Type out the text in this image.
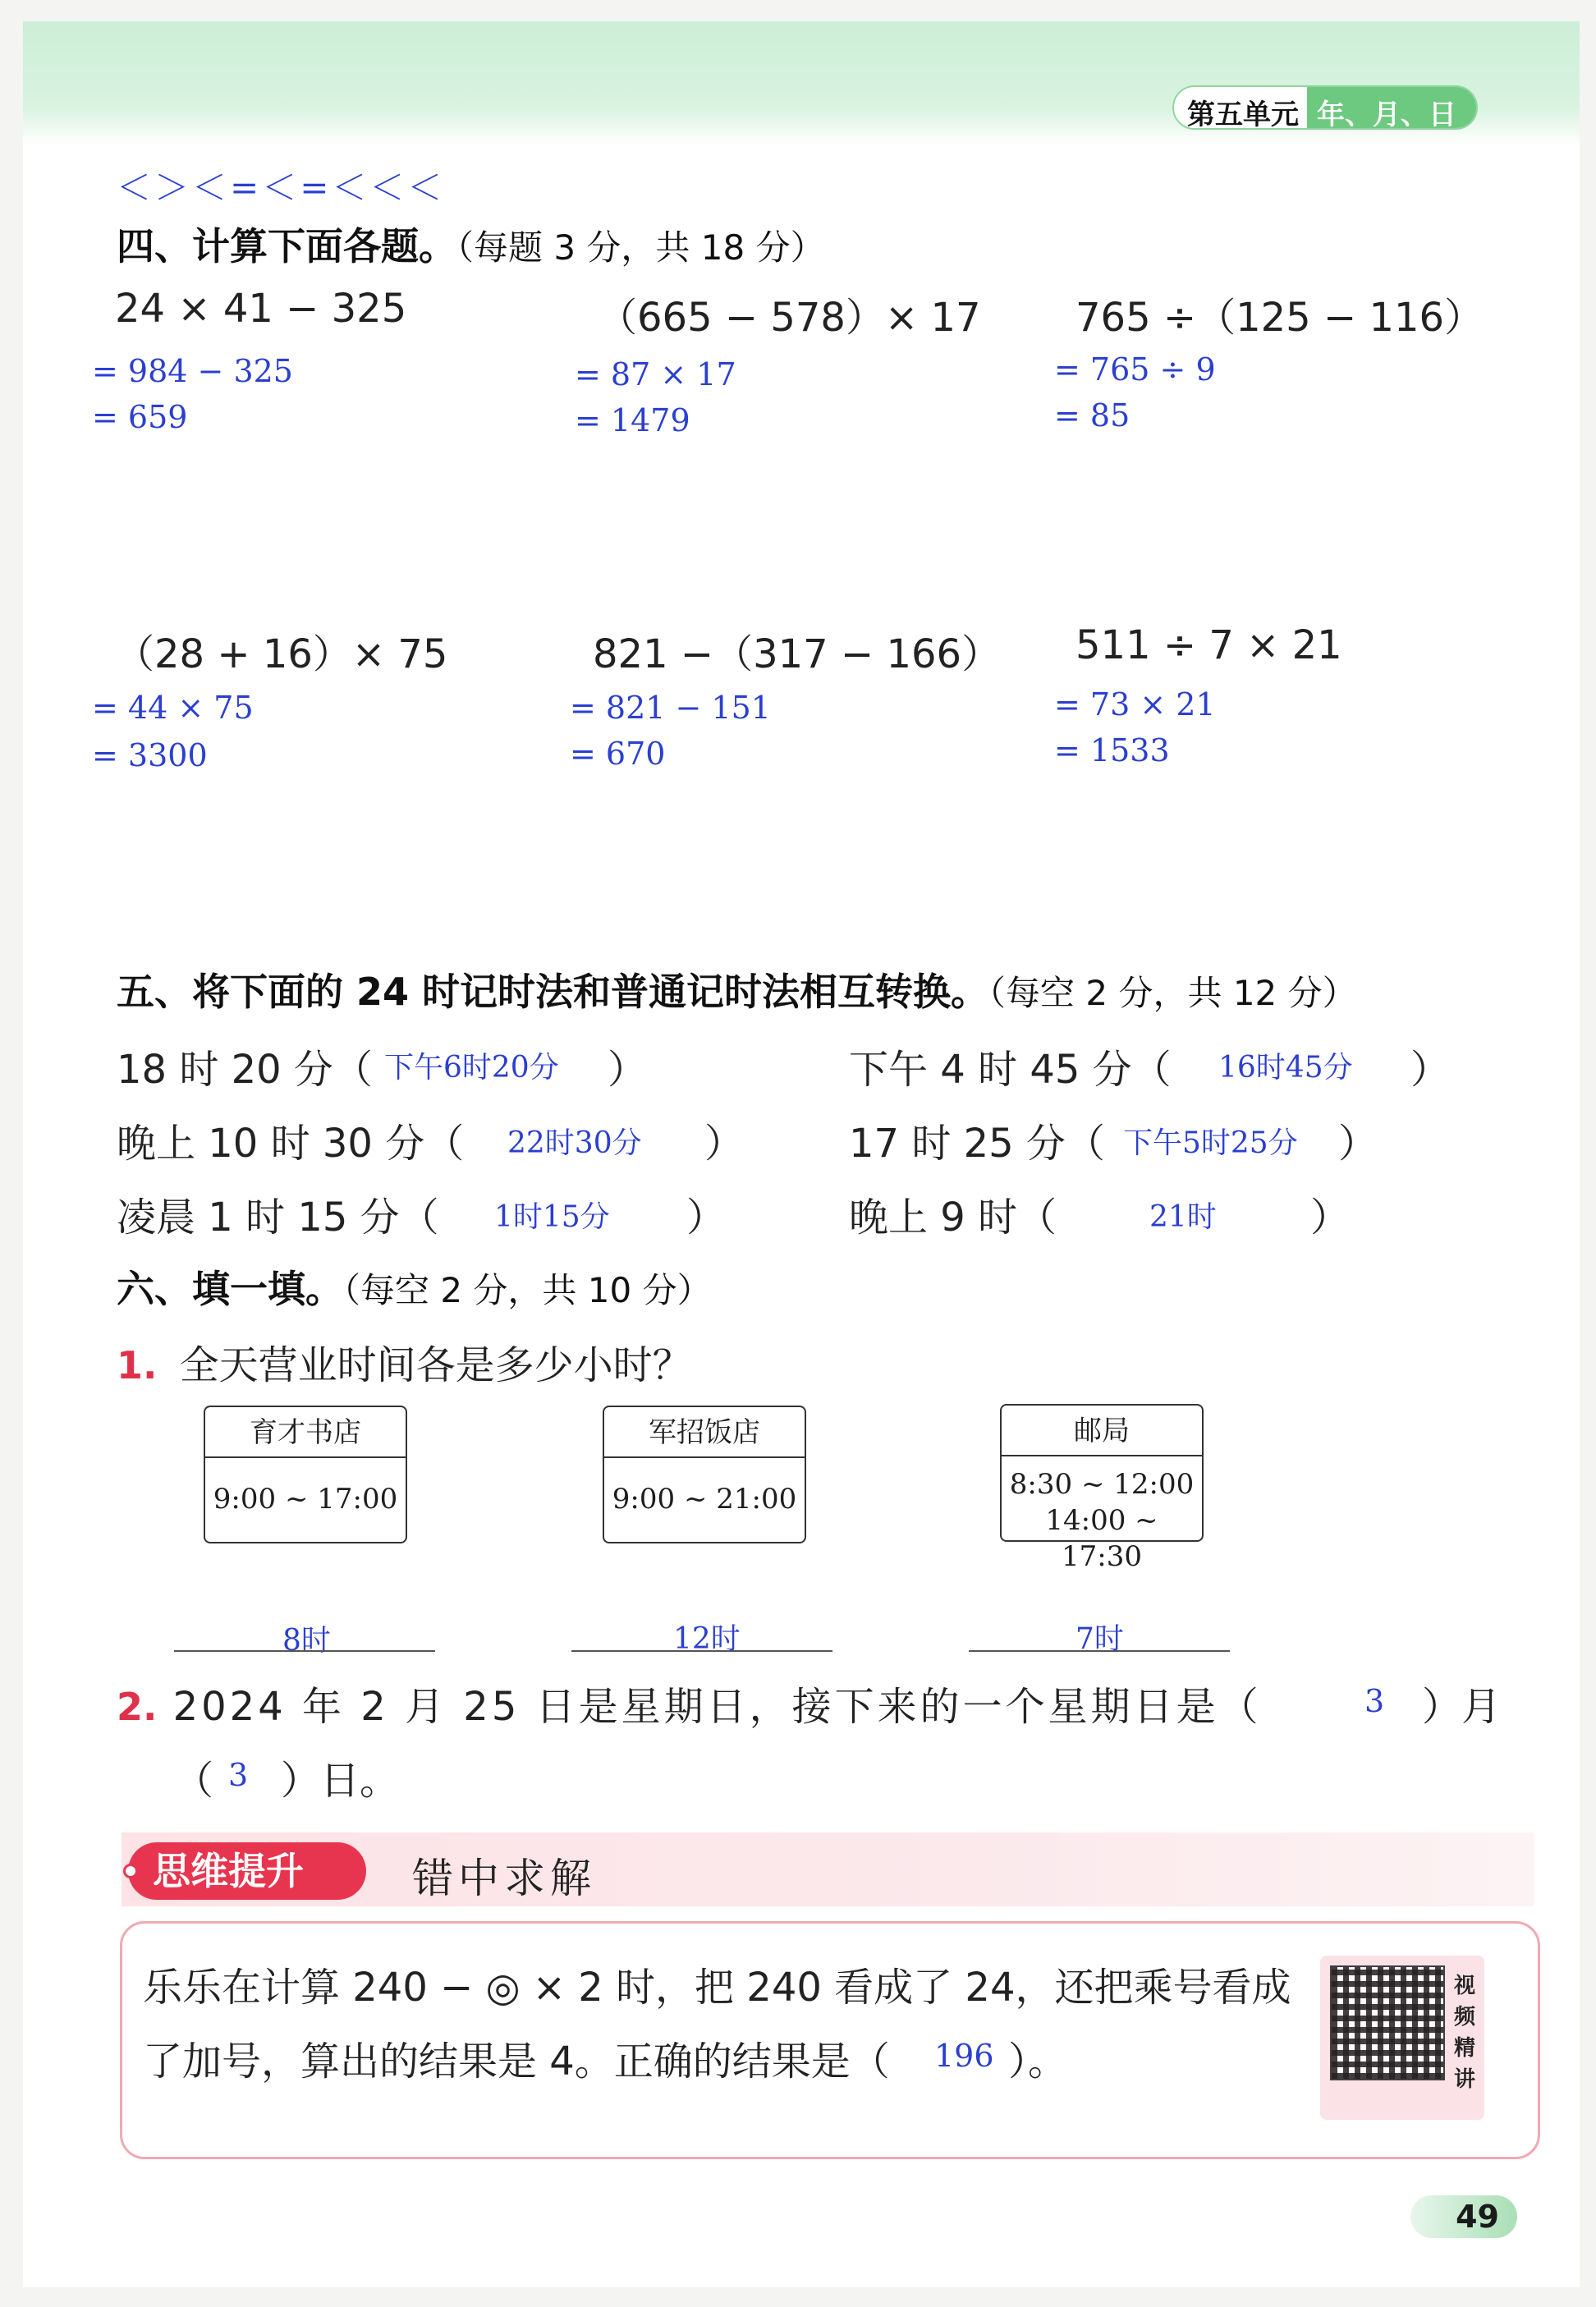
第五单元 年、月、日
＜＞＜=＜=＜＜＜
四、计算下面各题。（每题 3 分，共 18 分）
24 × 41 − 325
= 984 − 325
= 659
（665 − 578）× 17
= 87 × 17
= 1479
765 ÷（125 − 116）
= 765 ÷ 9
= 85
（28 + 16）× 75
= 44 × 75
= 3300
821 −（317 − 166）
= 821 − 151
= 670
511 ÷ 7 × 21
= 73 × 21
= 1533
五、将下面的 24 时记时法和普通记时法相互转换。（每空 2 分，共 12 分）
18 时 20 分（ 下午6时20分 ）	下午 4 时 45 分（ 16时45分 ）
晚上 10 时 30 分（ 22时30分 ）	17 时 25 分（ 下午5时25分 ）
凌晨 1 时 15 分（ 1时15分 ）	晚上 9 时（	21时 ）
六、填一填。（每空 2 分，共 10 分）
1. 全天营业时间各是多少小时？
育才书店
9:00 ~ 17:00
军招饭店
9:00 ~ 21:00
邮局
8:30 ~ 12:00
14:00 ~ 17:30
8时	12时	7时
2. 2024 年 2 月 25 日是星期日，接下来的一个星期日是（	3 ）月
（ 3 ）日。
思维提升	错中求解
乐乐在计算 240 − ◎ × 2 时，把 240 看成了 24，还把乘号看成
了加号，算出的结果是 4。正确的结果是（ 196 ）。
视频精讲
49
